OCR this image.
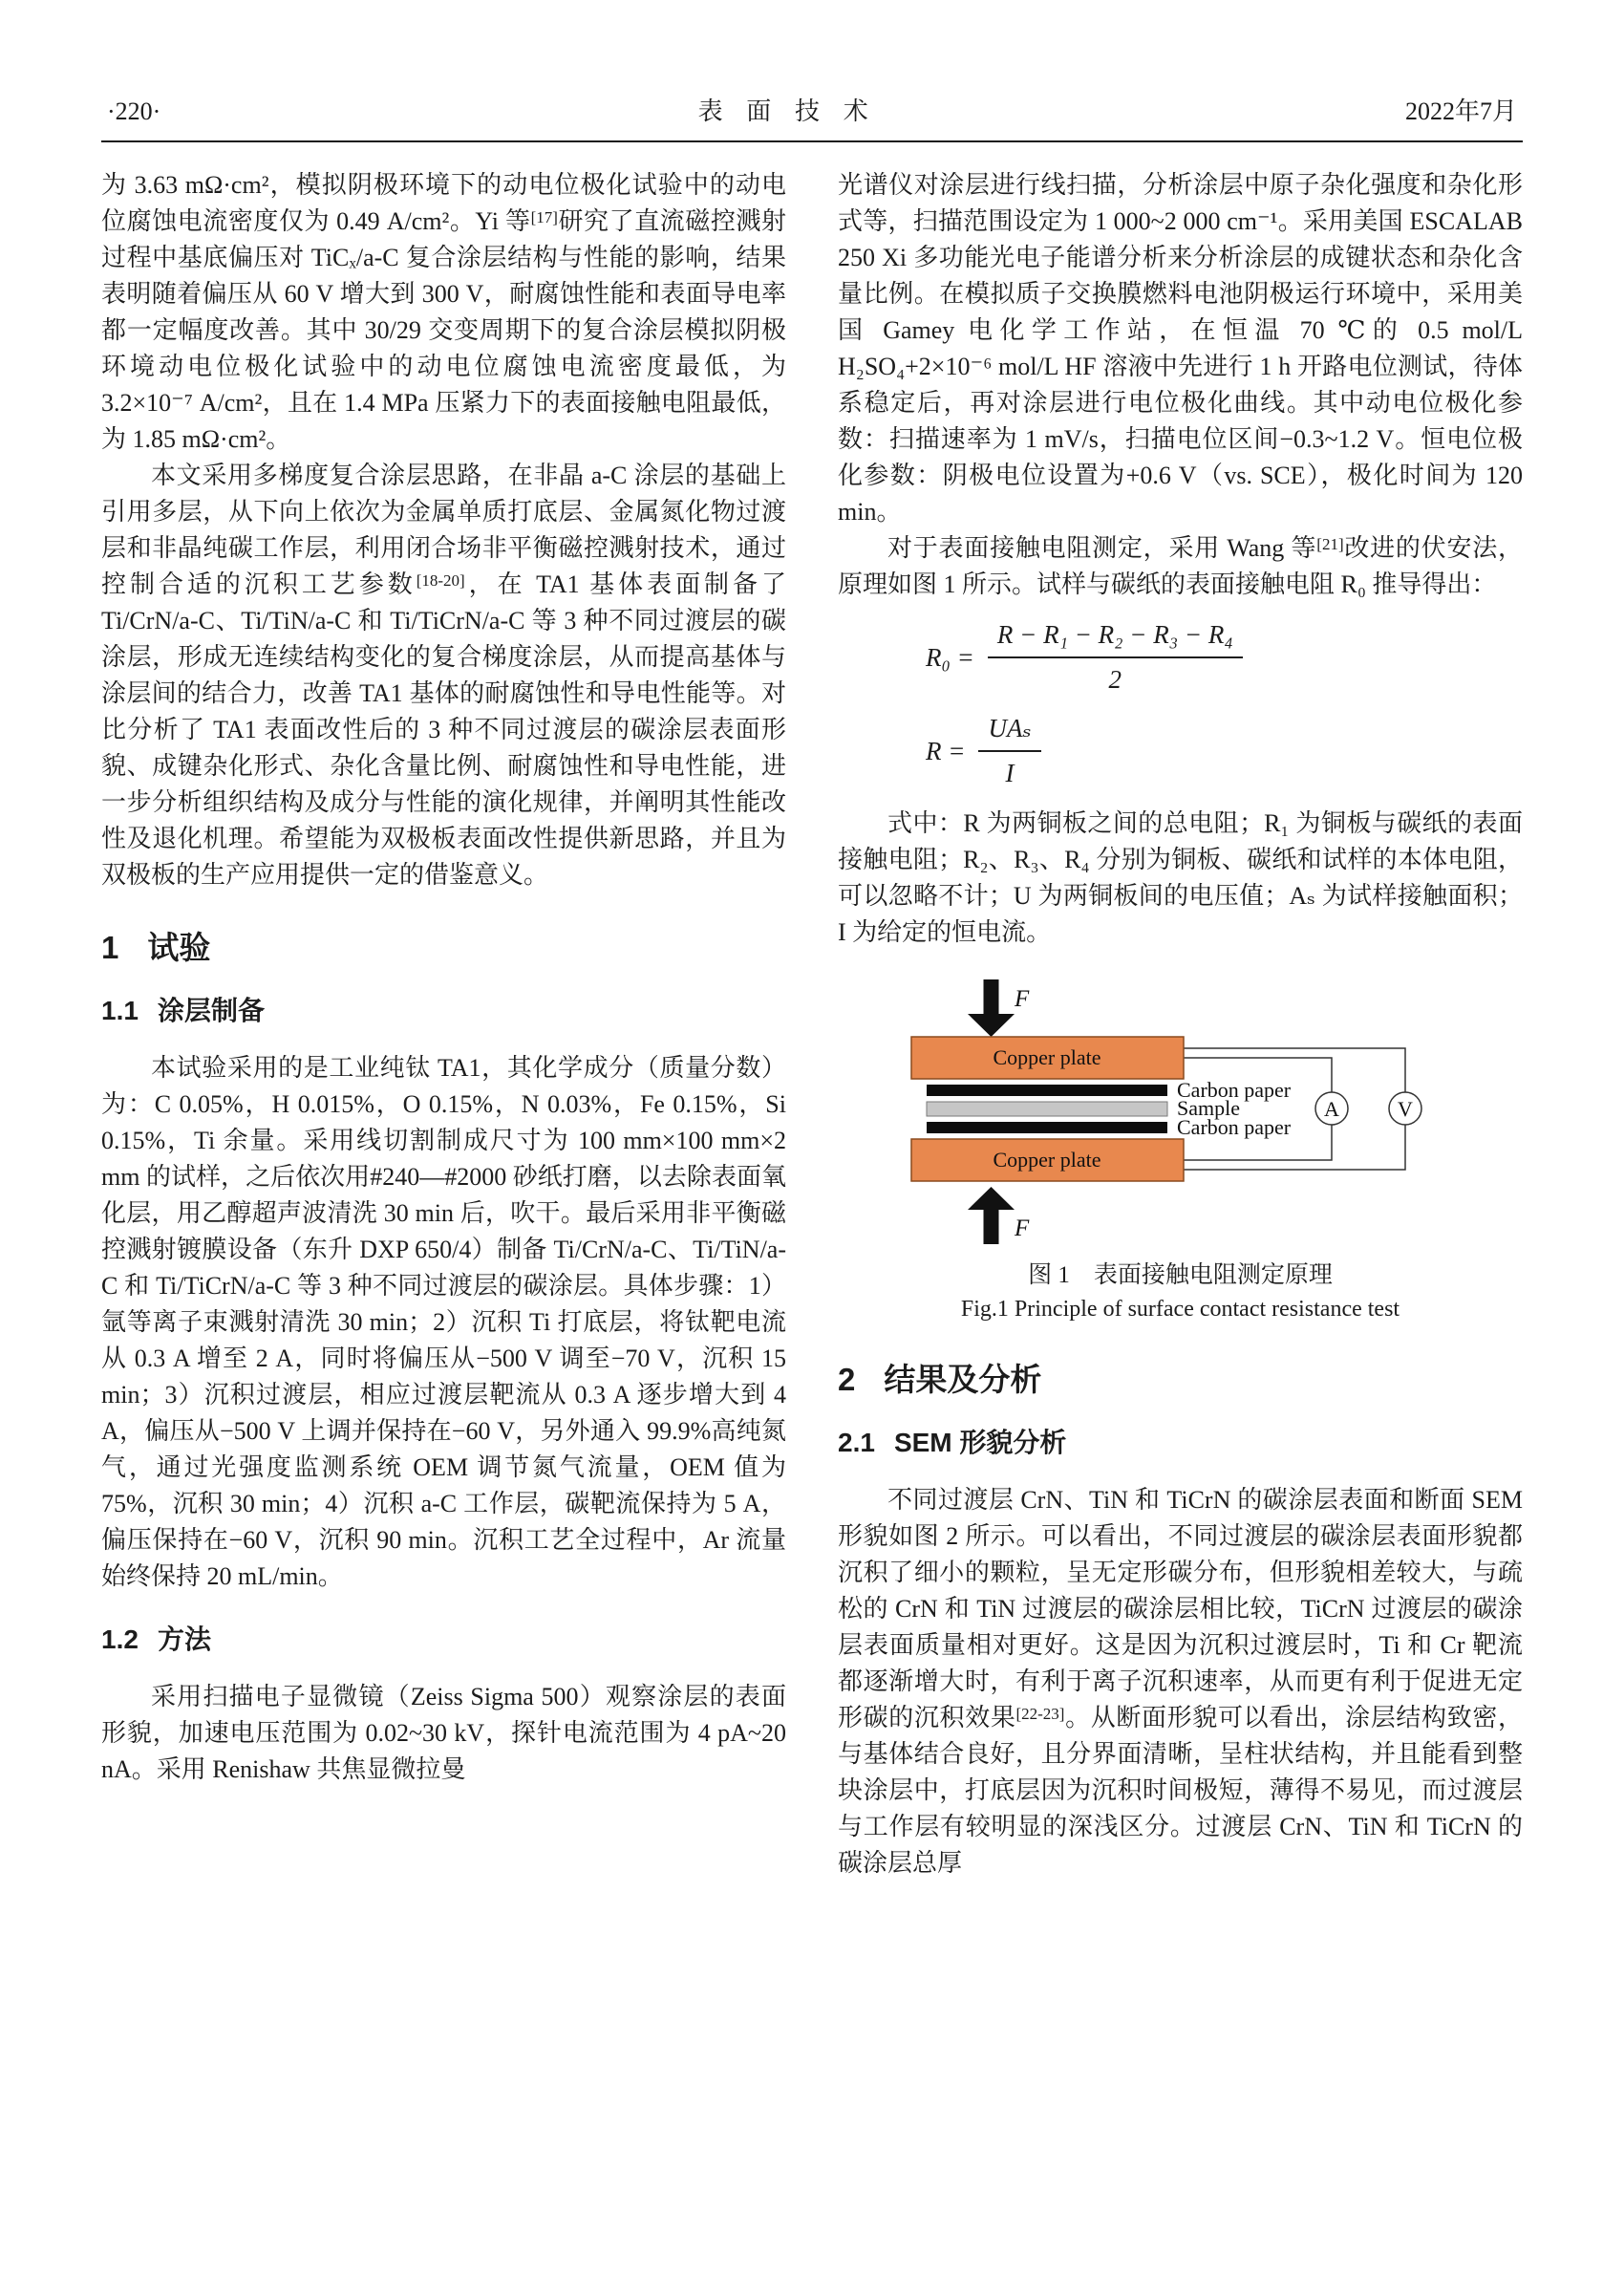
·220·	表面技术	2022年7月

为 3.63 mΩ·cm²，模拟阴极环境下的动电位极化试验中的动电位腐蚀电流密度仅为 0.49 A/cm²。Yi 等[17]研究了直流磁控溅射过程中基底偏压对 TiCₓ/a-C 复合涂层结构与性能的影响，结果表明随着偏压从 60 V 增大到 300 V，耐腐蚀性能和表面导电率都一定幅度改善。其中 30/29 交变周期下的复合涂层模拟阴极环境动电位极化试验中的动电位腐蚀电流密度最低，为 3.2×10⁻⁷ A/cm²，且在 1.4 MPa 压紧力下的表面接触电阻最低，为 1.85 mΩ·cm²。

本文采用多梯度复合涂层思路，在非晶 a-C 涂层的基础上引用多层，从下向上依次为金属单质打底层、金属氮化物过渡层和非晶纯碳工作层，利用闭合场非平衡磁控溅射技术，通过控制合适的沉积工艺参数[18-20]，在 TA1 基体表面制备了 Ti/CrN/a-C、Ti/TiN/a-C 和 Ti/TiCrN/a-C 等 3 种不同过渡层的碳涂层，形成无连续结构变化的复合梯度涂层，从而提高基体与涂层间的结合力，改善 TA1 基体的耐腐蚀性和导电性能等。对比分析了 TA1 表面改性后的 3 种不同过渡层的碳涂层表面形貌、成键杂化形式、杂化含量比例、耐腐蚀性和导电性能，进一步分析组织结构及成分与性能的演化规律，并阐明其性能改性及退化机理。希望能为双极板表面改性提供新思路，并且为双极板的生产应用提供一定的借鉴意义。

1 试验
1.1 涂层制备

本试验采用的是工业纯钛 TA1，其化学成分（质量分数）为：C 0.05%，H 0.015%，O 0.15%，N 0.03%，Fe 0.15%，Si 0.15%，Ti 余量。采用线切割制成尺寸为 100 mm×100 mm×2 mm 的试样，之后依次用#240—#2000 砂纸打磨，以去除表面氧化层，用乙醇超声波清洗 30 min 后，吹干。最后采用非平衡磁控溅射镀膜设备（东升 DXP 650/4）制备 Ti/CrN/a-C、Ti/TiN/a-C 和 Ti/TiCrN/a-C 等 3 种不同过渡层的碳涂层。具体步骤：1）氩等离子束溅射清洗 30 min；2）沉积 Ti 打底层，将钛靶电流从 0.3 A 增至 2 A，同时将偏压从−500 V 调至−70 V，沉积 15 min；3）沉积过渡层，相应过渡层靶流从 0.3 A 逐步增大到 4 A，偏压从−500 V 上调并保持在−60 V，另外通入 99.9%高纯氮气，通过光强度监测系统 OEM 调节氮气流量，OEM 值为 75%，沉积 30 min；4）沉积 a-C 工作层，碳靶流保持为 5 A，偏压保持在−60 V，沉积 90 min。沉积工艺全过程中，Ar 流量始终保持 20 mL/min。

1.2 方法

采用扫描电子显微镜（Zeiss Sigma 500）观察涂层的表面形貌，加速电压范围为 0.02~30 kV，探针电流范围为 4 pA~20 nA。采用 Renishaw 共焦显微拉曼

光谱仪对涂层进行线扫描，分析涂层中原子杂化强度和杂化形式等，扫描范围设定为 1 000~2 000 cm⁻¹。采用美国 ESCALAB 250 Xi 多功能光电子能谱分析来分析涂层的成键状态和杂化含量比例。在模拟质子交换膜燃料电池阴极运行环境中，采用美国 Gamey 电化学工作站，在恒温 70 ℃的 0.5 mol/L H₂SO₄+2×10⁻⁶ mol/L HF 溶液中先进行 1 h 开路电位测试，待体系稳定后，再对涂层进行电位极化曲线。其中动电位极化参数：扫描速率为 1 mV/s，扫描电位区间−0.3~1.2 V。恒电位极化参数：阴极电位设置为+0.6 V（vs. SCE），极化时间为 120 min。

对于表面接触电阻测定，采用 Wang 等[21]改进的伏安法，原理如图 1 所示。试样与碳纸的表面接触电阻 R₀ 推导得出：

$R_0 = \frac{\text{R − R₁ − R₂ − R₃ − R₄}}{2}$
$R = \frac{\text{UAₛ}}{I}$

式中：R 为两铜板之间的总电阻；R₁ 为铜板与碳纸的表面接触电阻；R₂、R₃、R₄ 分别为铜板、碳纸和试样的本体电阻，可以忽略不计；U 为两铜板间的电压值；Aₛ 为试样接触面积；I 为给定的恒电流。

F
Copper plate
Carbon paper
Sample
Carbon paper
Copper plate
F
A	V
图 1　表面接触电阻测定原理
Fig.1 Principle of surface contact resistance test
2 结果及分析
2.1 SEM 形貌分析

不同过渡层 CrN、TiN 和 TiCrN 的碳涂层表面和断面 SEM 形貌如图 2 所示。可以看出，不同过渡层的碳涂层表面形貌都沉积了细小的颗粒，呈无定形碳分布，但形貌相差较大，与疏松的 CrN 和 TiN 过渡层的碳涂层相比较，TiCrN 过渡层的碳涂层表面质量相对更好。这是因为沉积过渡层时，Ti 和 Cr 靶流都逐渐增大时，有利于离子沉积速率，从而更有利于促进无定形碳的沉积效果[22-23]。从断面形貌可以看出，涂层结构致密，与基体结合良好，且分界面清晰，呈柱状结构，并且能看到整块涂层中，打底层因为沉积时间极短，薄得不易见，而过渡层与工作层有较明显的深浅区分。过渡层 CrN、TiN 和 TiCrN 的碳涂层总厚
